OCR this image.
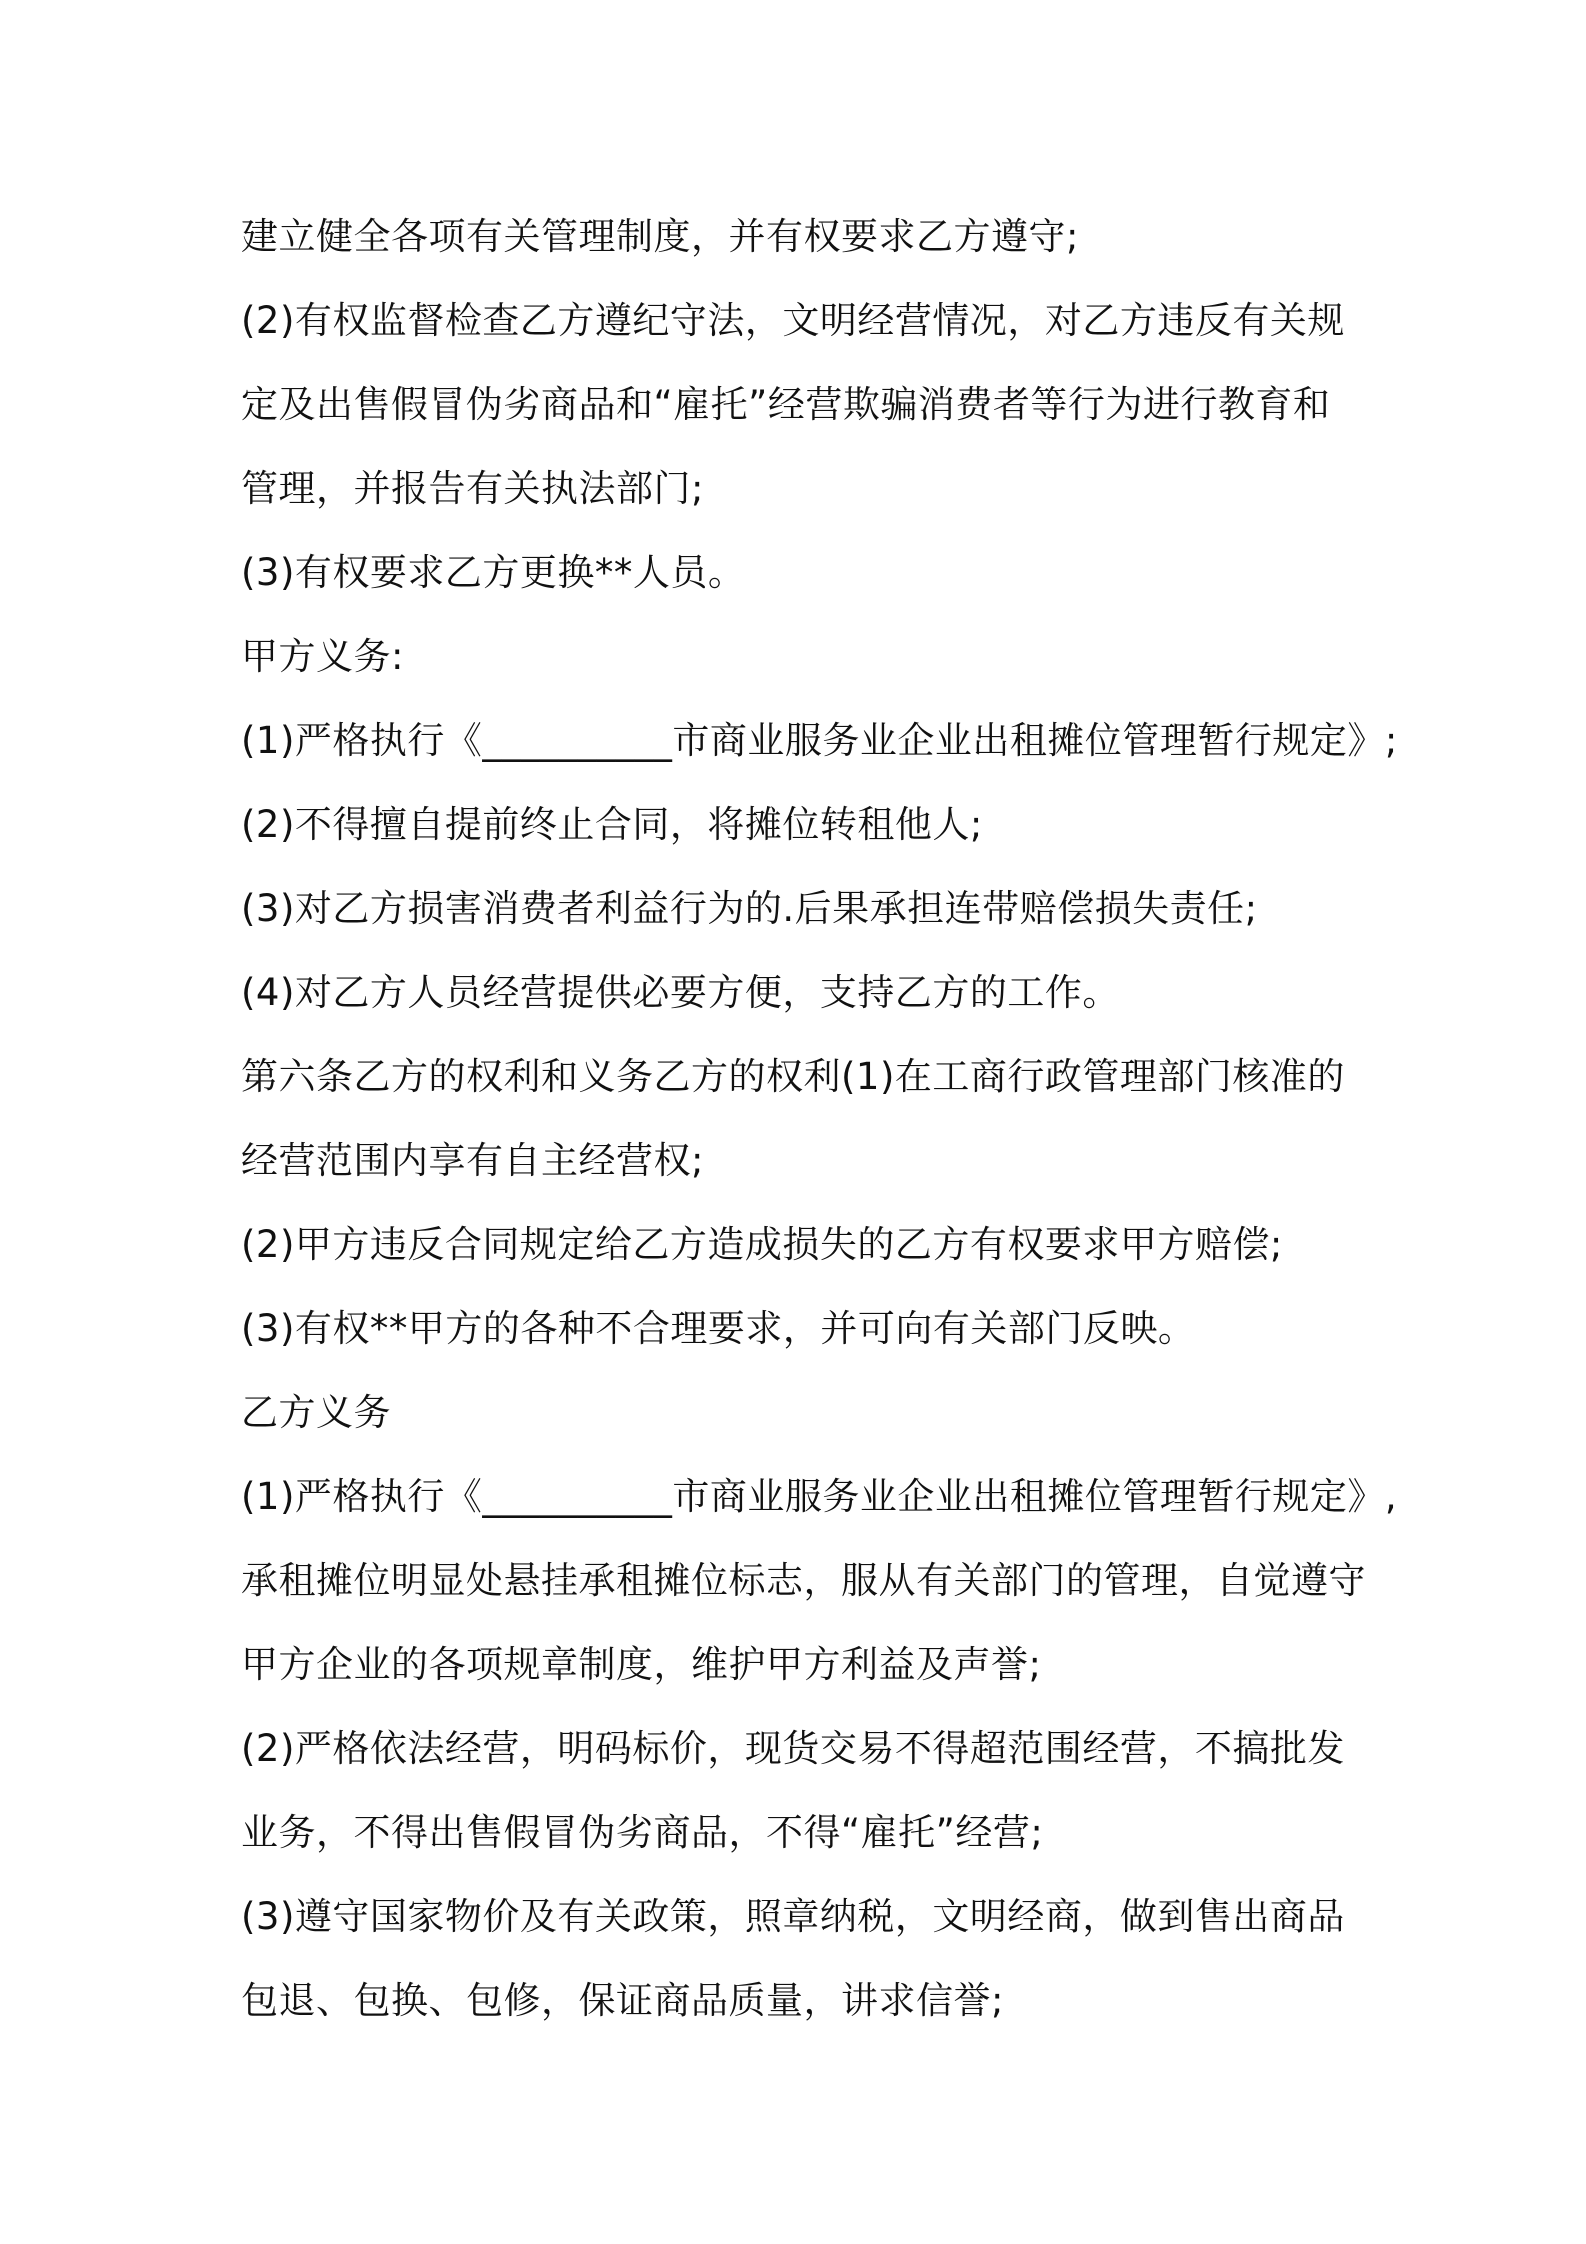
建立健全各项有关管理制度，并有权要求乙方遵守;
(2)有权监督检查乙方遵纪守法，文明经营情况，对乙方违反有关规
定及出售假冒伪劣商品和“雇托”经营欺骗消费者等行为进行教育和
管理，并报告有关执法部门;
(3)有权要求乙方更换**人员。
甲方义务:
(1)严格执行《__________市商业服务业企业出租摊位管理暂行规定》;
(2)不得擅自提前终止合同，将摊位转租他人;
(3)对乙方损害消费者利益行为的.后果承担连带赔偿损失责任;
(4)对乙方人员经营提供必要方便，支持乙方的工作。
第六条乙方的权利和义务乙方的权利(1)在工商行政管理部门核准的
经营范围内享有自主经营权;
(2)甲方违反合同规定给乙方造成损失的乙方有权要求甲方赔偿;
(3)有权**甲方的各种不合理要求，并可向有关部门反映。
乙方义务
(1)严格执行《__________市商业服务业企业出租摊位管理暂行规定》,
承租摊位明显处悬挂承租摊位标志，服从有关部门的管理，自觉遵守
甲方企业的各项规章制度，维护甲方利益及声誉;
(2)严格依法经营，明码标价，现货交易不得超范围经营，不搞批发
业务，不得出售假冒伪劣商品，不得“雇托”经营;
(3)遵守国家物价及有关政策，照章纳税，文明经商，做到售出商品
包退、包换、包修，保证商品质量，讲求信誉;
